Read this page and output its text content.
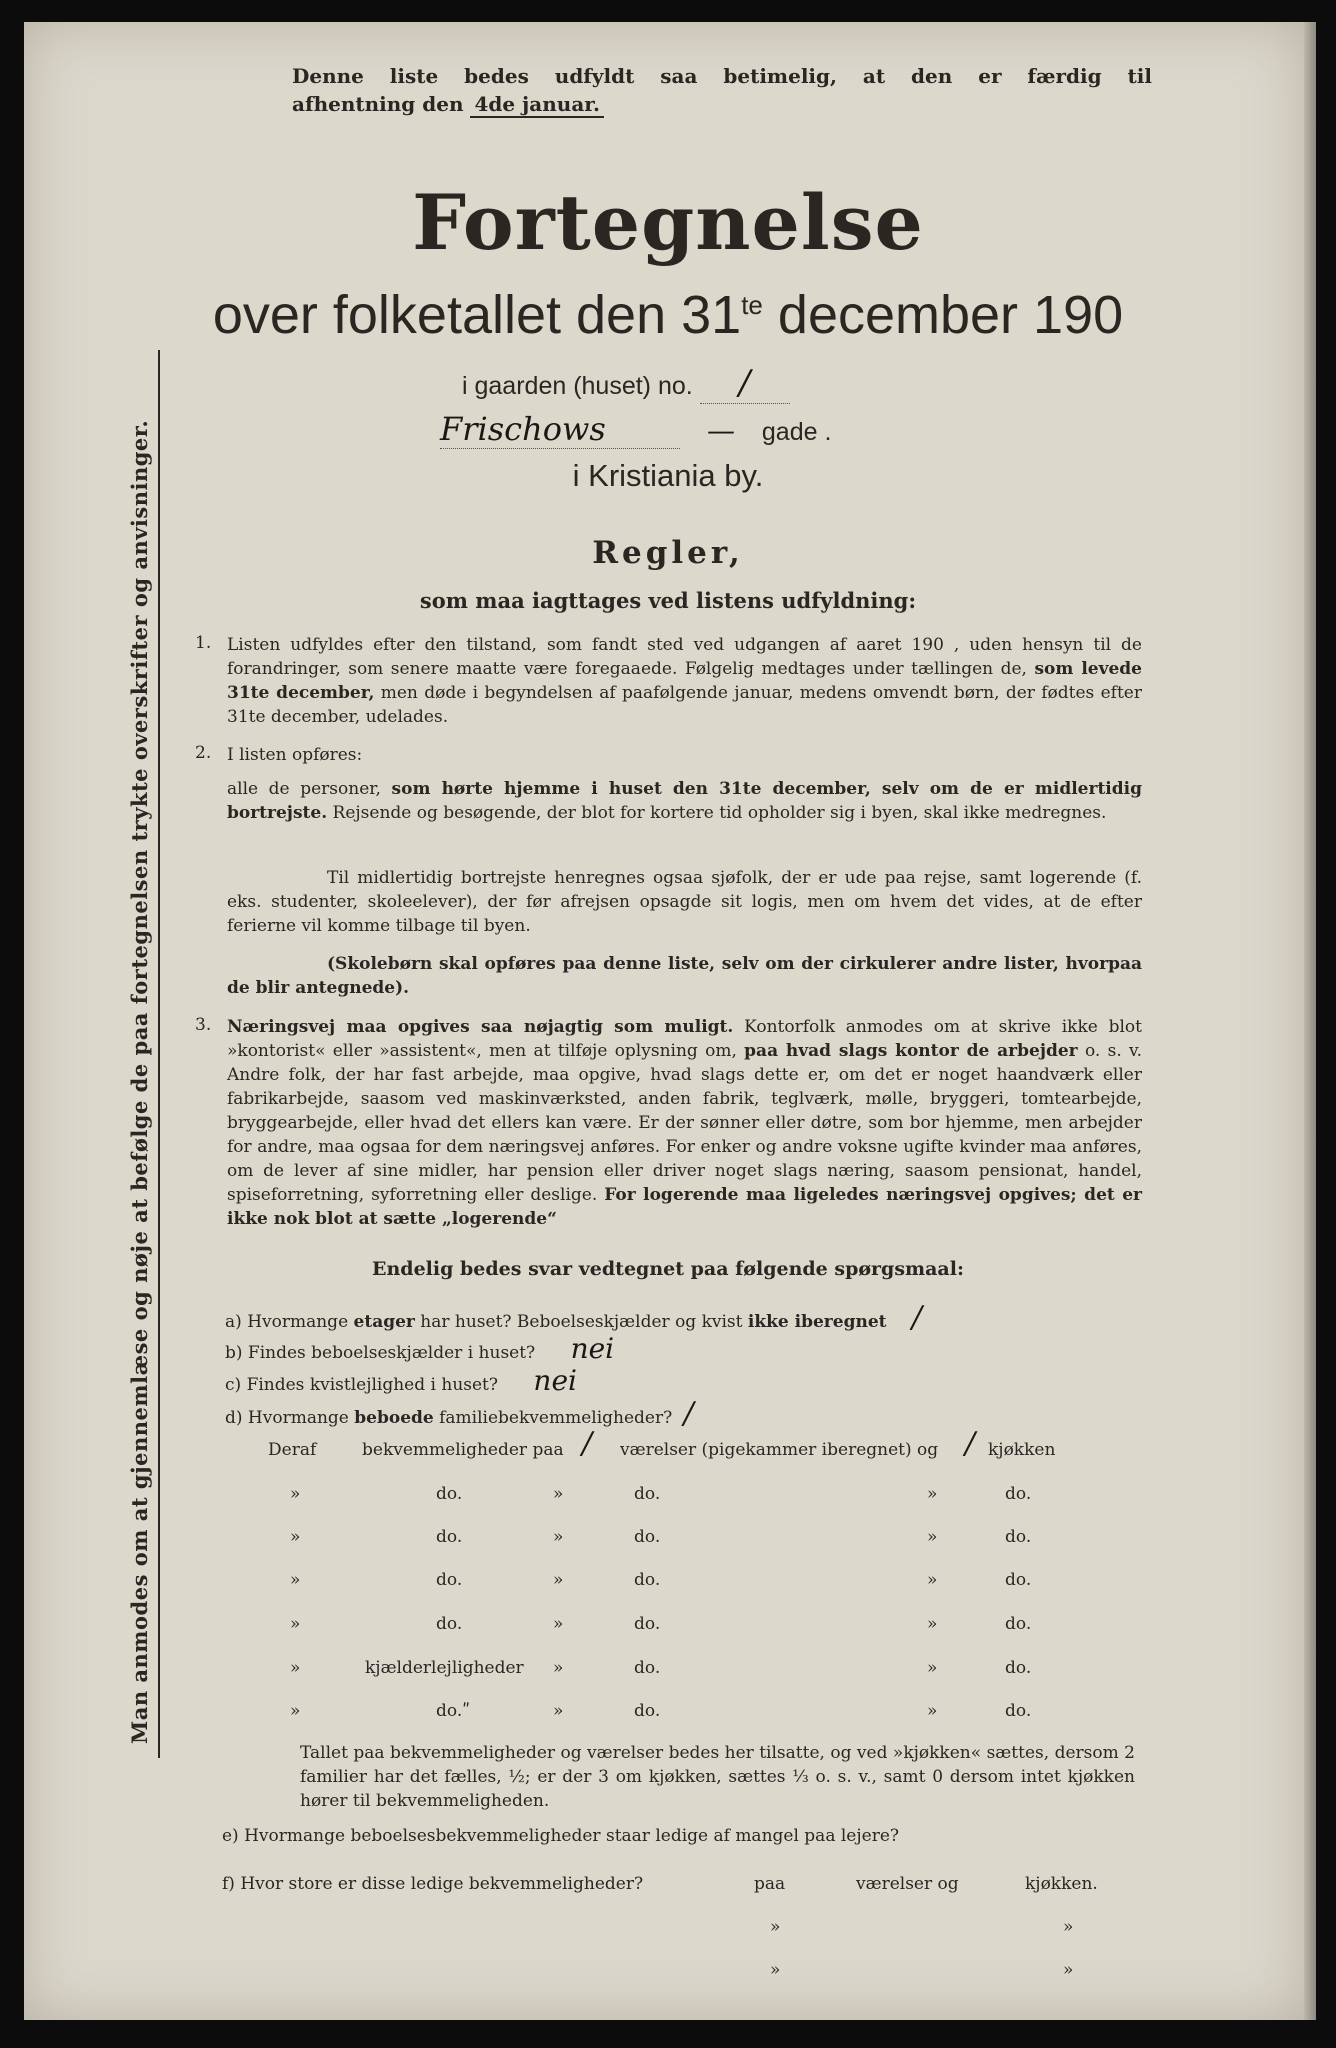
Denne liste bedes udfyldt saa betimelig, at den er færdig til

afhentning den 4de januar.

Man anmodes om at gjennemlæse og nøje at befølge de paa fortegnelsen trykte overskrifter og anvisninger.
Fortegnelse
over folketallet den $31^{te}$ december 190
i gaarden (huset) no. /
Frischows	— gade .
i Kristiania by.
Regler,
som maa iagttages ved listens udfyldning:
1. Listen udfyldes efter den tilstand, som fandt sted ved udgangen af aaret 190 , uden hensyn til de forandringer, som senere maatte være foregaaede. Følgelig medtages under tællingen de, som levede 31te december, men døde i begyndelsen af paafølgende januar, medens omvendt børn, der fødtes efter 31te december, udelades.

2. I listen opføres:

alle de personer, som hørte hjemme i huset den 31te december, selv om de er midlertidig bortrejste. Rejsende og besøgende, der blot for kortere tid opholder sig i byen, skal ikke medregnes.

Til midlertidig bortrejste henregnes ogsaa sjøfolk, der er ude paa rejse, samt logerende (f. eks. studenter, skoleelever), der før afrejsen opsagde sit logis, men om hvem det vides, at de efter ferierne vil komme tilbage til byen.

(Skolebørn skal opføres paa denne liste, selv om der cirkulerer andre lister, hvorpaa de blir antegnede).

3. Næringsvej maa opgives saa nøjagtig som muligt. Kontorfolk anmodes om at skrive ikke blot »kontorist« eller »assistent«, men at tilføje oplysning om, paa hvad slags kontor de arbejder o. s. v. Andre folk, der har fast arbejde, maa opgive, hvad slags dette er, om det er noget haandværk eller fabrikarbejde, saasom ved maskinværksted, anden fabrik, teglværk, mølle, bryggeri, tomtearbejde, bryggearbejde, eller hvad det ellers kan være. Er der sønner eller døtre, som bor hjemme, men arbejder for andre, maa ogsaa for dem næringsvej anføres. For enker og andre voksne ugifte kvinder maa anføres, om de lever af sine midler, har pension eller driver noget slags næring, saasom pensionat, handel, spiseforretning, syforretning eller deslige. For logerende maa ligeledes næringsvej opgives; det er ikke nok blot at sætte „logerende“

Endelig bedes svar vedtegnet paa følgende spørgsmaal:
a) Hvormange etager har huset? Beboelseskjælder og kvist ikke iberegnet /
b) Findes beboelseskjælder i huset? nei
c) Findes kvistlejlighed i huset? nei
d) Hvormange beboede familiebekvemmeligheder? /
Deraf	bekvemmeligheder paa / værelser (pigekammer iberegnet) og / kjøkken
»	do.	»	do.	»	do.
»	do.	»	do.	»	do.
»	do.	»	do.	»	do.
»	do.	»	do.	»	do.
»	kjælderlejligheder »	do.	»	do.
»	do.ʺ	»	do.	»	do.

Tallet paa bekvemmeligheder og værelser bedes her tilsatte, og ved »kjøkken« sættes, dersom 2 familier har det fælles, ½; er der 3 om kjøkken, sættes ⅓ o. s. v., samt 0 dersom intet kjøkken hører til bekvemmeligheden.

e) Hvormange beboelsesbekvemmeligheder staar ledige af mangel paa lejere?
f) Hvor store er disse ledige bekvemmeligheder?	paa	værelser og	kjøkken.
»	»
»	»
